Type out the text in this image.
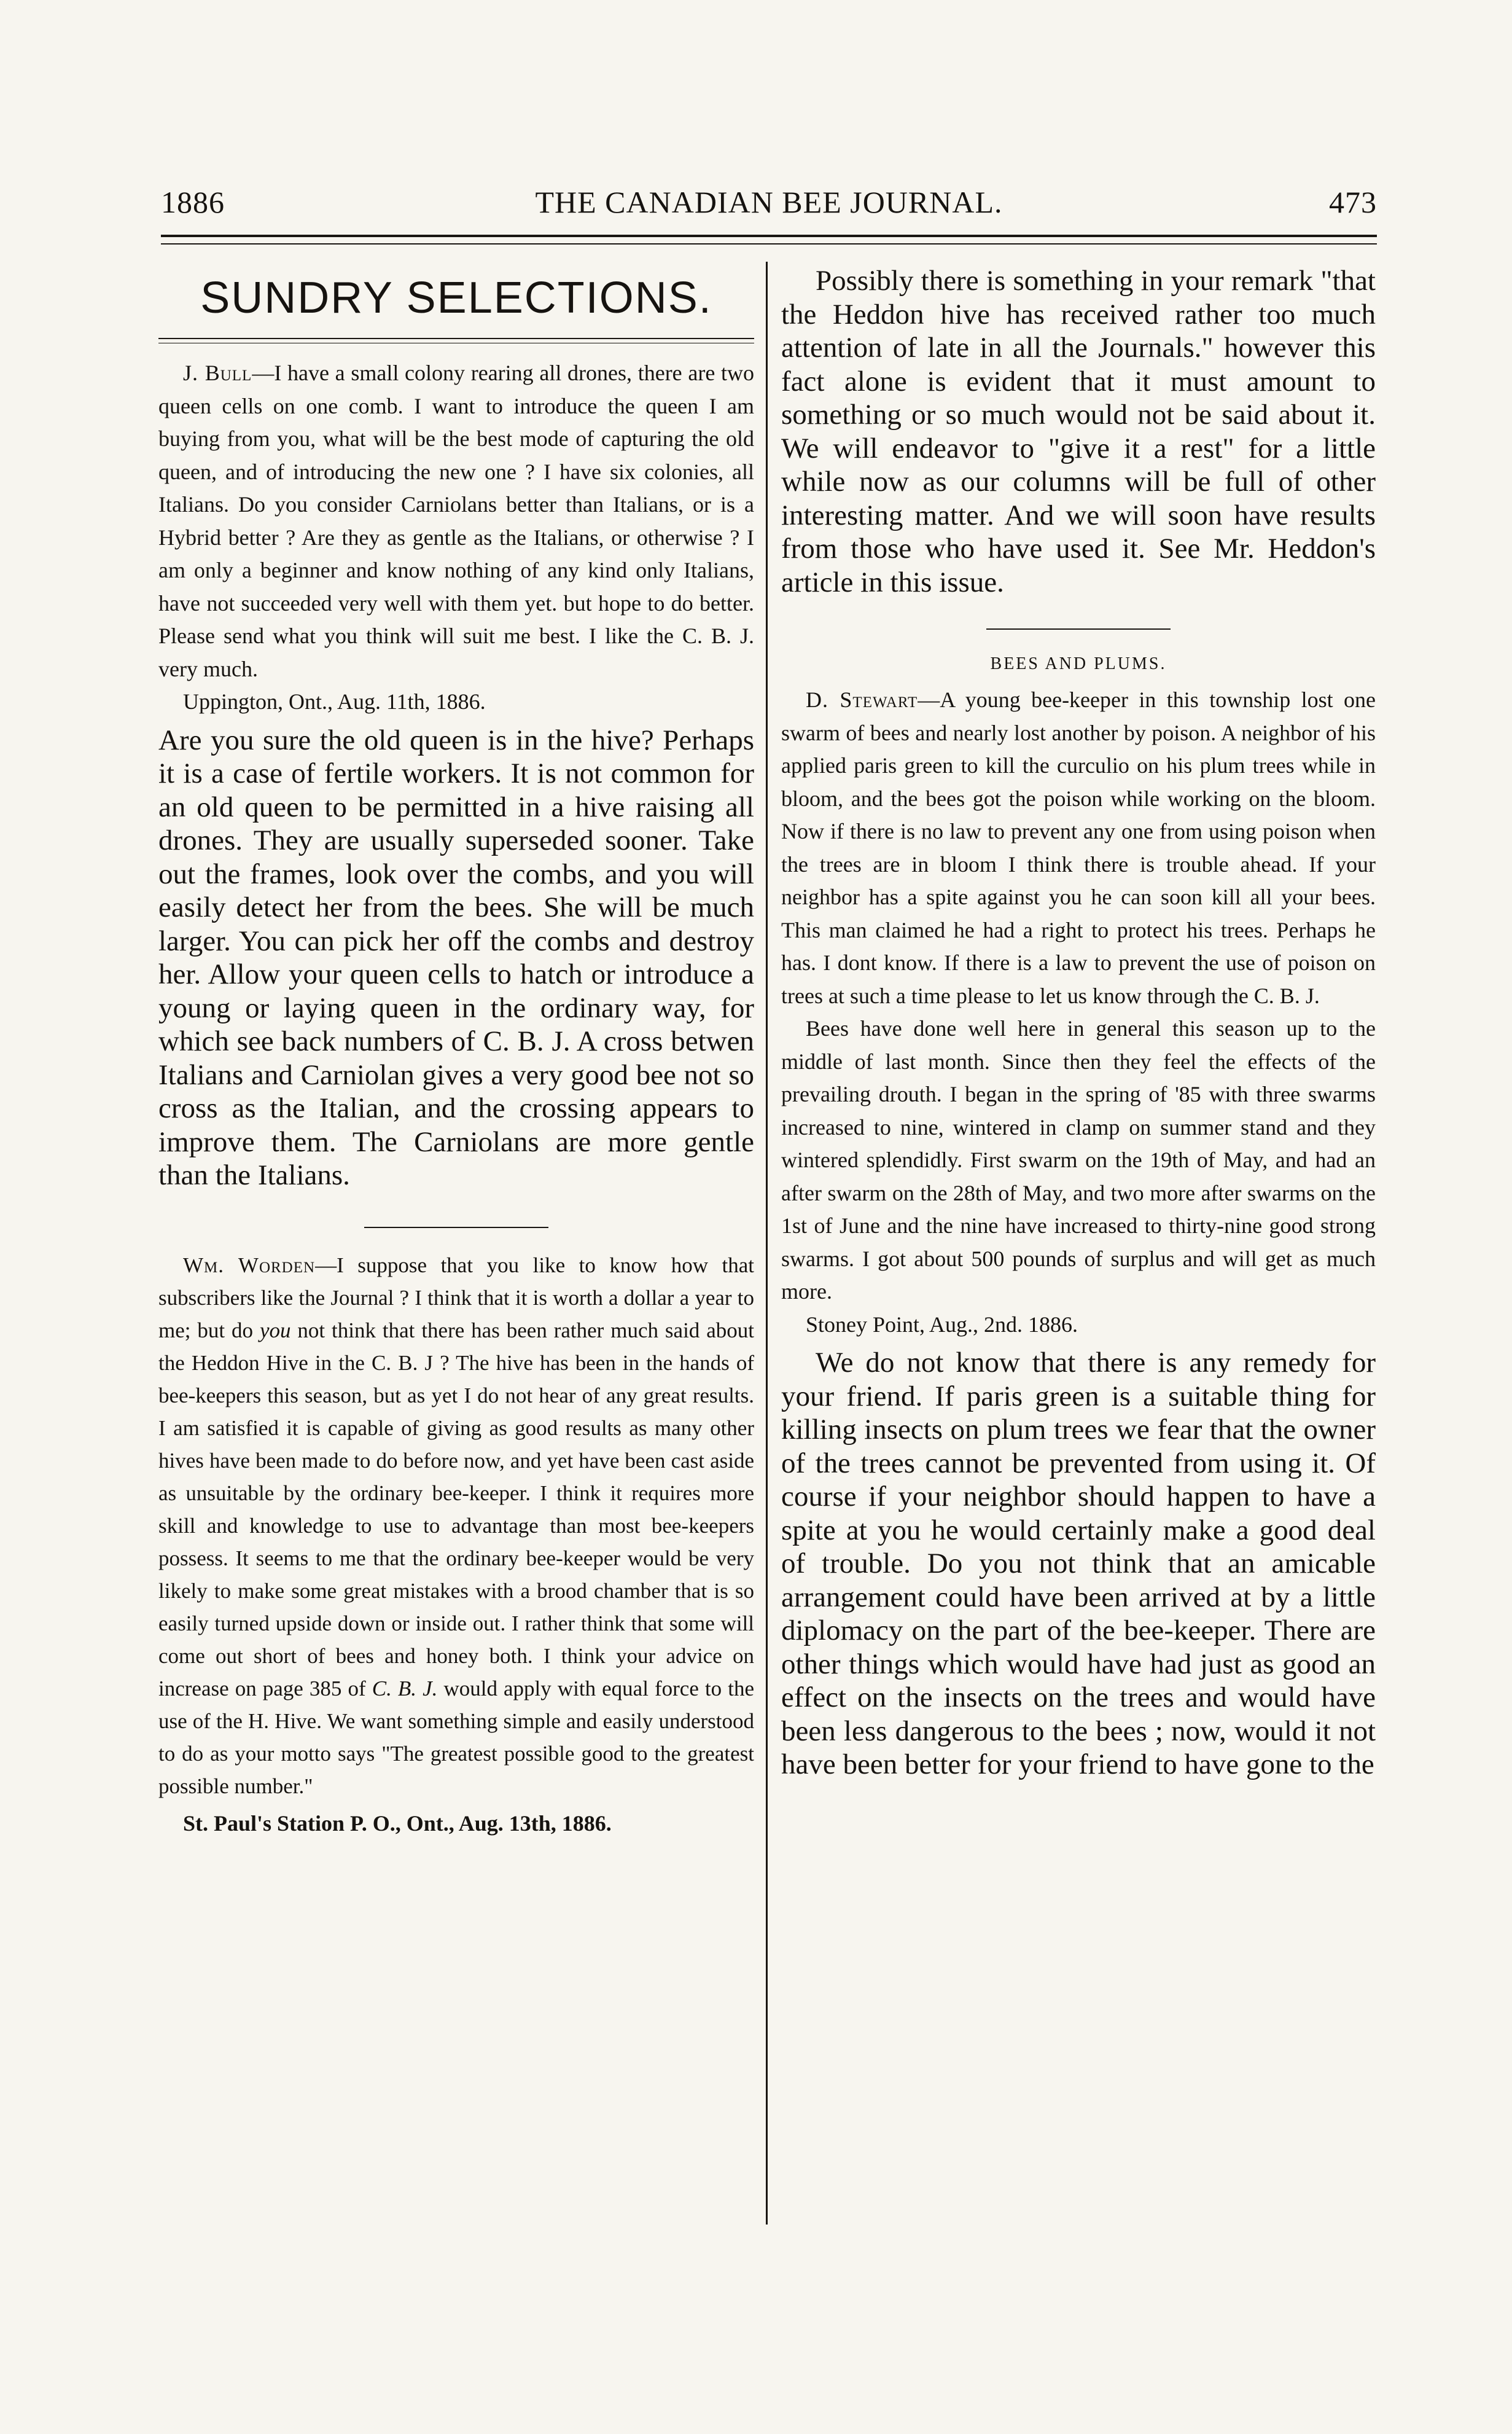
THE CANADIAN BEE JOURNAL.
1886	473
SUNDRY SELECTIONS.

J. Bull—I have a small colony rearing all drones, there are two queen cells on one comb. I want to introduce the queen I am buying from you, what will be the best mode of capturing the old queen, and of introducing the new one ? I have six colonies, all Italians. Do you consider Carniolans better than Italians, or is a Hybrid better ? Are they as gentle as the Italians, or otherwise ? I am only a beginner and know nothing of any kind only Italians, have not succeeded very well with them yet. but hope to do better. Please send what you think will suit me best. I like the C. B. J. very much.

Uppington, Ont., Aug. 11th, 1886.

Are you sure the old queen is in the hive? Perhaps it is a case of fertile workers. It is not common for an old queen to be permitted in a hive raising all drones. They are usually superseded sooner. Take out the frames, look over the combs, and you will easily detect her from the bees. She will be much larger. You can pick her off the combs and destroy her. Allow your queen cells to hatch or introduce a young or laying queen in the ordinary way, for which see back numbers of C. B. J. A cross betwen Italians and Carniolan gives a very good bee not so cross as the Italian, and the crossing appears to improve them. The Carniolans are more gentle than the Italians.

Wm. Worden—I suppose that you like to know how that subscribers like the Journal ? I think that it is worth a dollar a year to me; but do you not think that there has been rather much said about the Heddon Hive in the C. B. J ? The hive has been in the hands of bee-keepers this season, but as yet I do not hear of any great results. I am satisfied it is capable of giving as good results as many other hives have been made to do before now, and yet have been cast aside as unsuitable by the ordinary bee-keeper. I think it requires more skill and knowledge to use to advantage than most bee-keepers possess. It seems to me that the ordinary bee-keeper would be very likely to make some great mistakes with a brood chamber that is so easily turned upside down or inside out. I rather think that some will come out short of bees and honey both. I think your advice on increase on page 385 of C. B. J. would apply with equal force to the use of the H. Hive. We want something simple and easily understood to do as your motto says "The greatest possible good to the greatest possible number."

St. Paul's Station P. O., Ont., Aug. 13th, 1886.

Possibly there is something in your remark "that the Heddon hive has received rather too much attention of late in all the Journals." however this fact alone is evident that it must amount to something or so much would not be said about it. We will endeavor to "give it a rest" for a little while now as our columns will be full of other interesting matter. And we will soon have results from those who have used it. See Mr. Heddon's article in this issue.

BEES AND PLUMS.

D. Stewart—A young bee-keeper in this township lost one swarm of bees and nearly lost another by poison. A neighbor of his applied paris green to kill the curculio on his plum trees while in bloom, and the bees got the poison while working on the bloom. Now if there is no law to prevent any one from using poison when the trees are in bloom I think there is trouble ahead. If your neighbor has a spite against you he can soon kill all your bees. This man claimed he had a right to protect his trees. Perhaps he has. I dont know. If there is a law to prevent the use of poison on trees at such a time please to let us know through the C. B. J.

Bees have done well here in general this season up to the middle of last month. Since then they feel the effects of the prevailing drouth. I began in the spring of '85 with three swarms increased to nine, wintered in clamp on summer stand and they wintered splendidly. First swarm on the 19th of May, and had an after swarm on the 28th of May, and two more after swarms on the 1st of June and the nine have increased to thirty-nine good strong swarms. I got about 500 pounds of surplus and will get as much more.

Stoney Point, Aug., 2nd. 1886.

We do not know that there is any remedy for your friend. If paris green is a suitable thing for killing insects on plum trees we fear that the owner of the trees cannot be prevented from using it. Of course if your neighbor should happen to have a spite at you he would certainly make a good deal of trouble. Do you not think that an amicable arrangement could have been arrived at by a little diplomacy on the part of the bee-keeper. There are other things which would have had just as good an effect on the insects on the trees and would have been less dangerous to the bees ; now, would it not have been better for your friend to have gone to the
